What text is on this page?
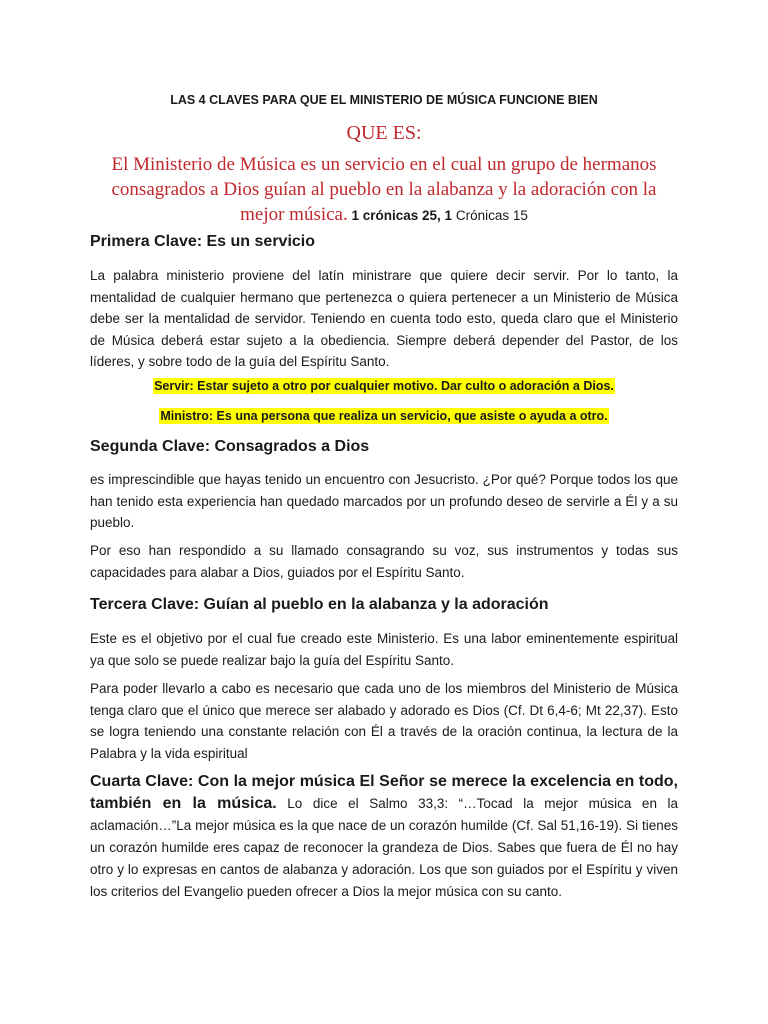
LAS 4 CLAVES PARA QUE EL MINISTERIO DE MÚSICA FUNCIONE BIEN
QUE ES:
El Ministerio de Música es un servicio en el cual un grupo de hermanos consagrados a Dios guían al pueblo en la alabanza y la adoración con la mejor música. 1 crónicas 25, 1 Crónicas 15
Primera Clave: Es un servicio
La palabra ministerio proviene del latín ministrare que quiere decir servir. Por lo tanto, la mentalidad de cualquier hermano que pertenezca o quiera pertenecer a un Ministerio de Música debe ser la mentalidad de servidor. Teniendo en cuenta todo esto, queda claro que el Ministerio de Música deberá estar sujeto a la obediencia. Siempre deberá depender del Pastor, de los líderes, y sobre todo de la guía del Espíritu Santo.
Servir: Estar sujeto a otro por cualquier motivo. Dar culto o adoración a Dios.
Ministro: Es una persona que realiza un servicio, que asiste o ayuda a otro.
Segunda Clave: Consagrados a Dios
es imprescindible que hayas tenido un encuentro con Jesucristo. ¿Por qué? Porque todos los que han tenido esta experiencia han quedado marcados por un profundo deseo de servirle a Él y a su pueblo.
Por eso han respondido a su llamado consagrando su voz, sus instrumentos y todas sus capacidades para alabar a Dios, guiados por el Espíritu Santo.
Tercera Clave: Guían al pueblo en la alabanza y la adoración
Este es el objetivo por el cual fue creado este Ministerio. Es una labor eminentemente espiritual ya que solo se puede realizar bajo la guía del Espíritu Santo.
Para poder llevarlo a cabo es necesario que cada uno de los miembros del Ministerio de Música tenga claro que el único que merece ser alabado y adorado es Dios (Cf. Dt 6,4-6; Mt 22,37). Esto se logra teniendo una constante relación con Él a través de la oración continua, la lectura de la Palabra y la vida espiritual
Cuarta Clave: Con la mejor música El Señor se merece la excelencia en todo, también en la música. Lo dice el Salmo 33,3: “…Tocad la mejor música en la aclamación…”La mejor música es la que nace de un corazón humilde (Cf. Sal 51,16-19). Si tienes un corazón humilde eres capaz de reconocer la grandeza de Dios. Sabes que fuera de Él no hay otro y lo expresas en cantos de alabanza y adoración. Los que son guiados por el Espíritu y viven los criterios del Evangelio pueden ofrecer a Dios la mejor música con su canto.
